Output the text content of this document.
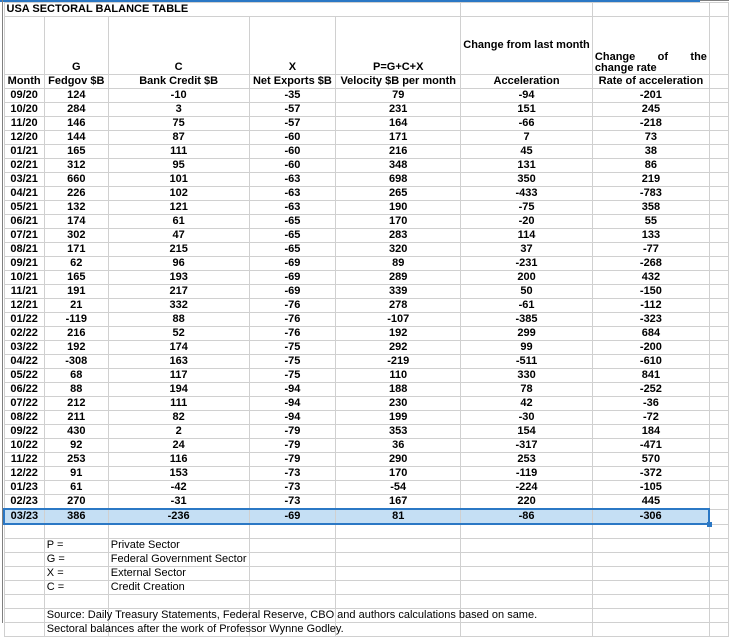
USA SECTORAL BALANCE TABLE							
	G	C	X	P=G+C+X	Change from last month	Change of the
change rate	

Month	Fedgov $B	Bank Credit $B	Net Exports $B	Velocity $B per month	Acceleration	Rate of acceleration	
09/20	124	-10	-35	79	-94	-201	
10/20	284	3	-57	231	151	245	
11/20	146	75	-57	164	-66	-218	
12/20	144	87	-60	171	7	73	
01/21	165	111	-60	216	45	38	
02/21	312	95	-60	348	131	86	
03/21	660	101	-63	698	350	219	
04/21	226	102	-63	265	-433	-783	
05/21	132	121	-63	190	-75	358	
06/21	174	61	-65	170	-20	55	
07/21	302	47	-65	283	114	133	
08/21	171	215	-65	320	37	-77	
09/21	62	96	-69	89	-231	-268	
10/21	165	193	-69	289	200	432	
11/21	191	217	-69	339	50	-150	
12/21	21	332	-76	278	-61	-112	
01/22	-119	88	-76	-107	-385	-323	
02/22	216	52	-76	192	299	684	
03/22	192	174	-75	292	99	-200	
04/22	-308	163	-75	-219	-511	-610	
05/22	68	117	-75	110	330	841	
06/22	88	194	-94	188	78	-252	
07/22	212	111	-94	230	42	-36	
08/22	211	82	-94	199	-30	-72	
09/22	430	2	-79	353	154	184	
10/22	92	24	-79	36	-317	-471	
11/22	253	116	-79	290	253	570	
12/22	91	153	-73	170	-119	-372	
01/23	61	-42	-73	-54	-224	-105	
02/23	270	-31	-73	167	220	445	
03/23	386	-236	-69	81	-86	-306

	P =	Private Sector					
	G =	Federal Government Sector					
	X =	External Sector					
	C =	Credit Creation					

	Source: Daily Treasury Statements, Federal Reserve, CBO and authors calculations based on same.						

	Sectoral balances after the work of Professor Wynne Godley.						
